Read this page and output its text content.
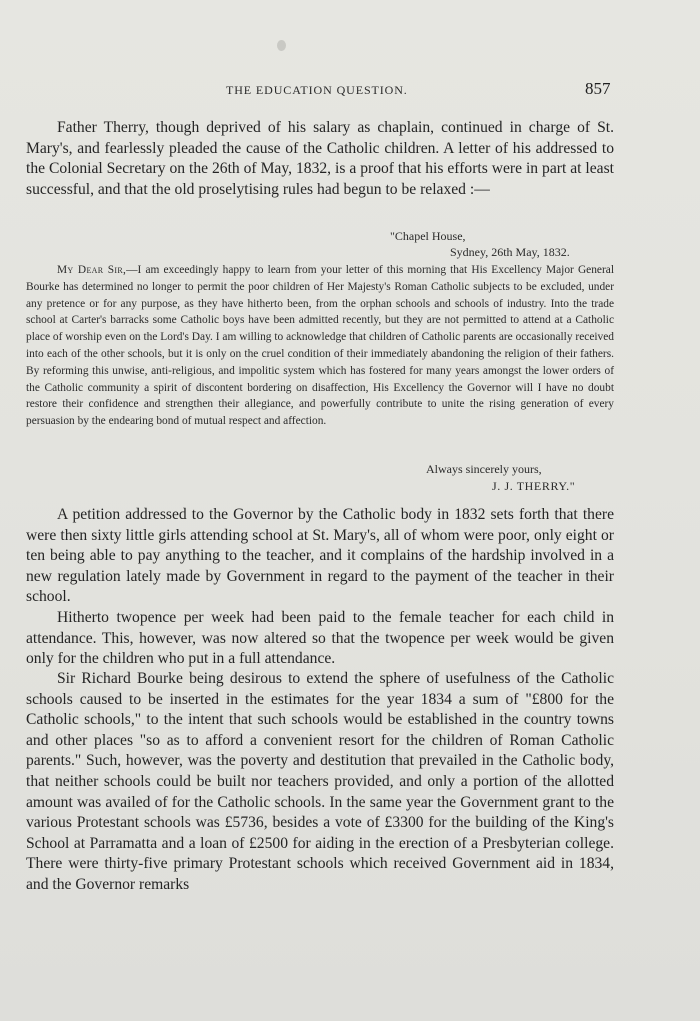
THE EDUCATION QUESTION.	857

Father Therry, though deprived of his salary as chaplain, continued in charge of St. Mary's, and fearlessly pleaded the cause of the Catholic children. A letter of his addressed to the Colonial Secretary on the 26th of May, 1832, is a proof that his efforts were in part at least successful, and that the old proselytising rules had begun to be relaxed :—

"Chapel House,
Sydney, 26th May, 1832.

My Dear Sir,—I am exceedingly happy to learn from your letter of this morning that His Excellency Major General Bourke has determined no longer to permit the poor children of Her Majesty's Roman Catholic subjects to be excluded, under any pretence or for any purpose, as they have hitherto been, from the orphan schools and schools of industry. Into the trade school at Carter's barracks some Catholic boys have been admitted recently, but they are not permitted to attend at a Catholic place of worship even on the Lord's Day. I am willing to acknowledge that children of Catholic parents are occasionally received into each of the other schools, but it is only on the cruel condition of their immediately abandoning the religion of their fathers. By reforming this unwise, anti-religious, and impolitic system which has fostered for many years amongst the lower orders of the Catholic community a spirit of discontent bordering on disaffection, His Excellency the Governor will I have no doubt restore their confidence and strengthen their allegiance, and powerfully contribute to unite the rising generation of every persuasion by the endearing bond of mutual respect and affection.

Always sincerely yours,
J. J. THERRY."

A petition addressed to the Governor by the Catholic body in 1832 sets forth that there were then sixty little girls attending school at St. Mary's, all of whom were poor, only eight or ten being able to pay anything to the teacher, and it complains of the hardship involved in a new regulation lately made by Government in regard to the payment of the teacher in their school.

Hitherto twopence per week had been paid to the female teacher for each child in attendance. This, however, was now altered so that the twopence per week would be given only for the children who put in a full attendance.

Sir Richard Bourke being desirous to extend the sphere of usefulness of the Catholic schools caused to be inserted in the estimates for the year 1834 a sum of "£800 for the Catholic schools," to the intent that such schools would be established in the country towns and other places "so as to afford a convenient resort for the children of Roman Catholic parents." Such, however, was the poverty and destitution that prevailed in the Catholic body, that neither schools could be built nor teachers provided, and only a portion of the allotted amount was availed of for the Catholic schools. In the same year the Government grant to the various Protestant schools was £5736, besides a vote of £3300 for the building of the King's School at Parramatta and a loan of £2500 for aiding in the erection of a Presbyterian college. There were thirty-five primary Protestant schools which received Government aid in 1834, and the Governor remarks
